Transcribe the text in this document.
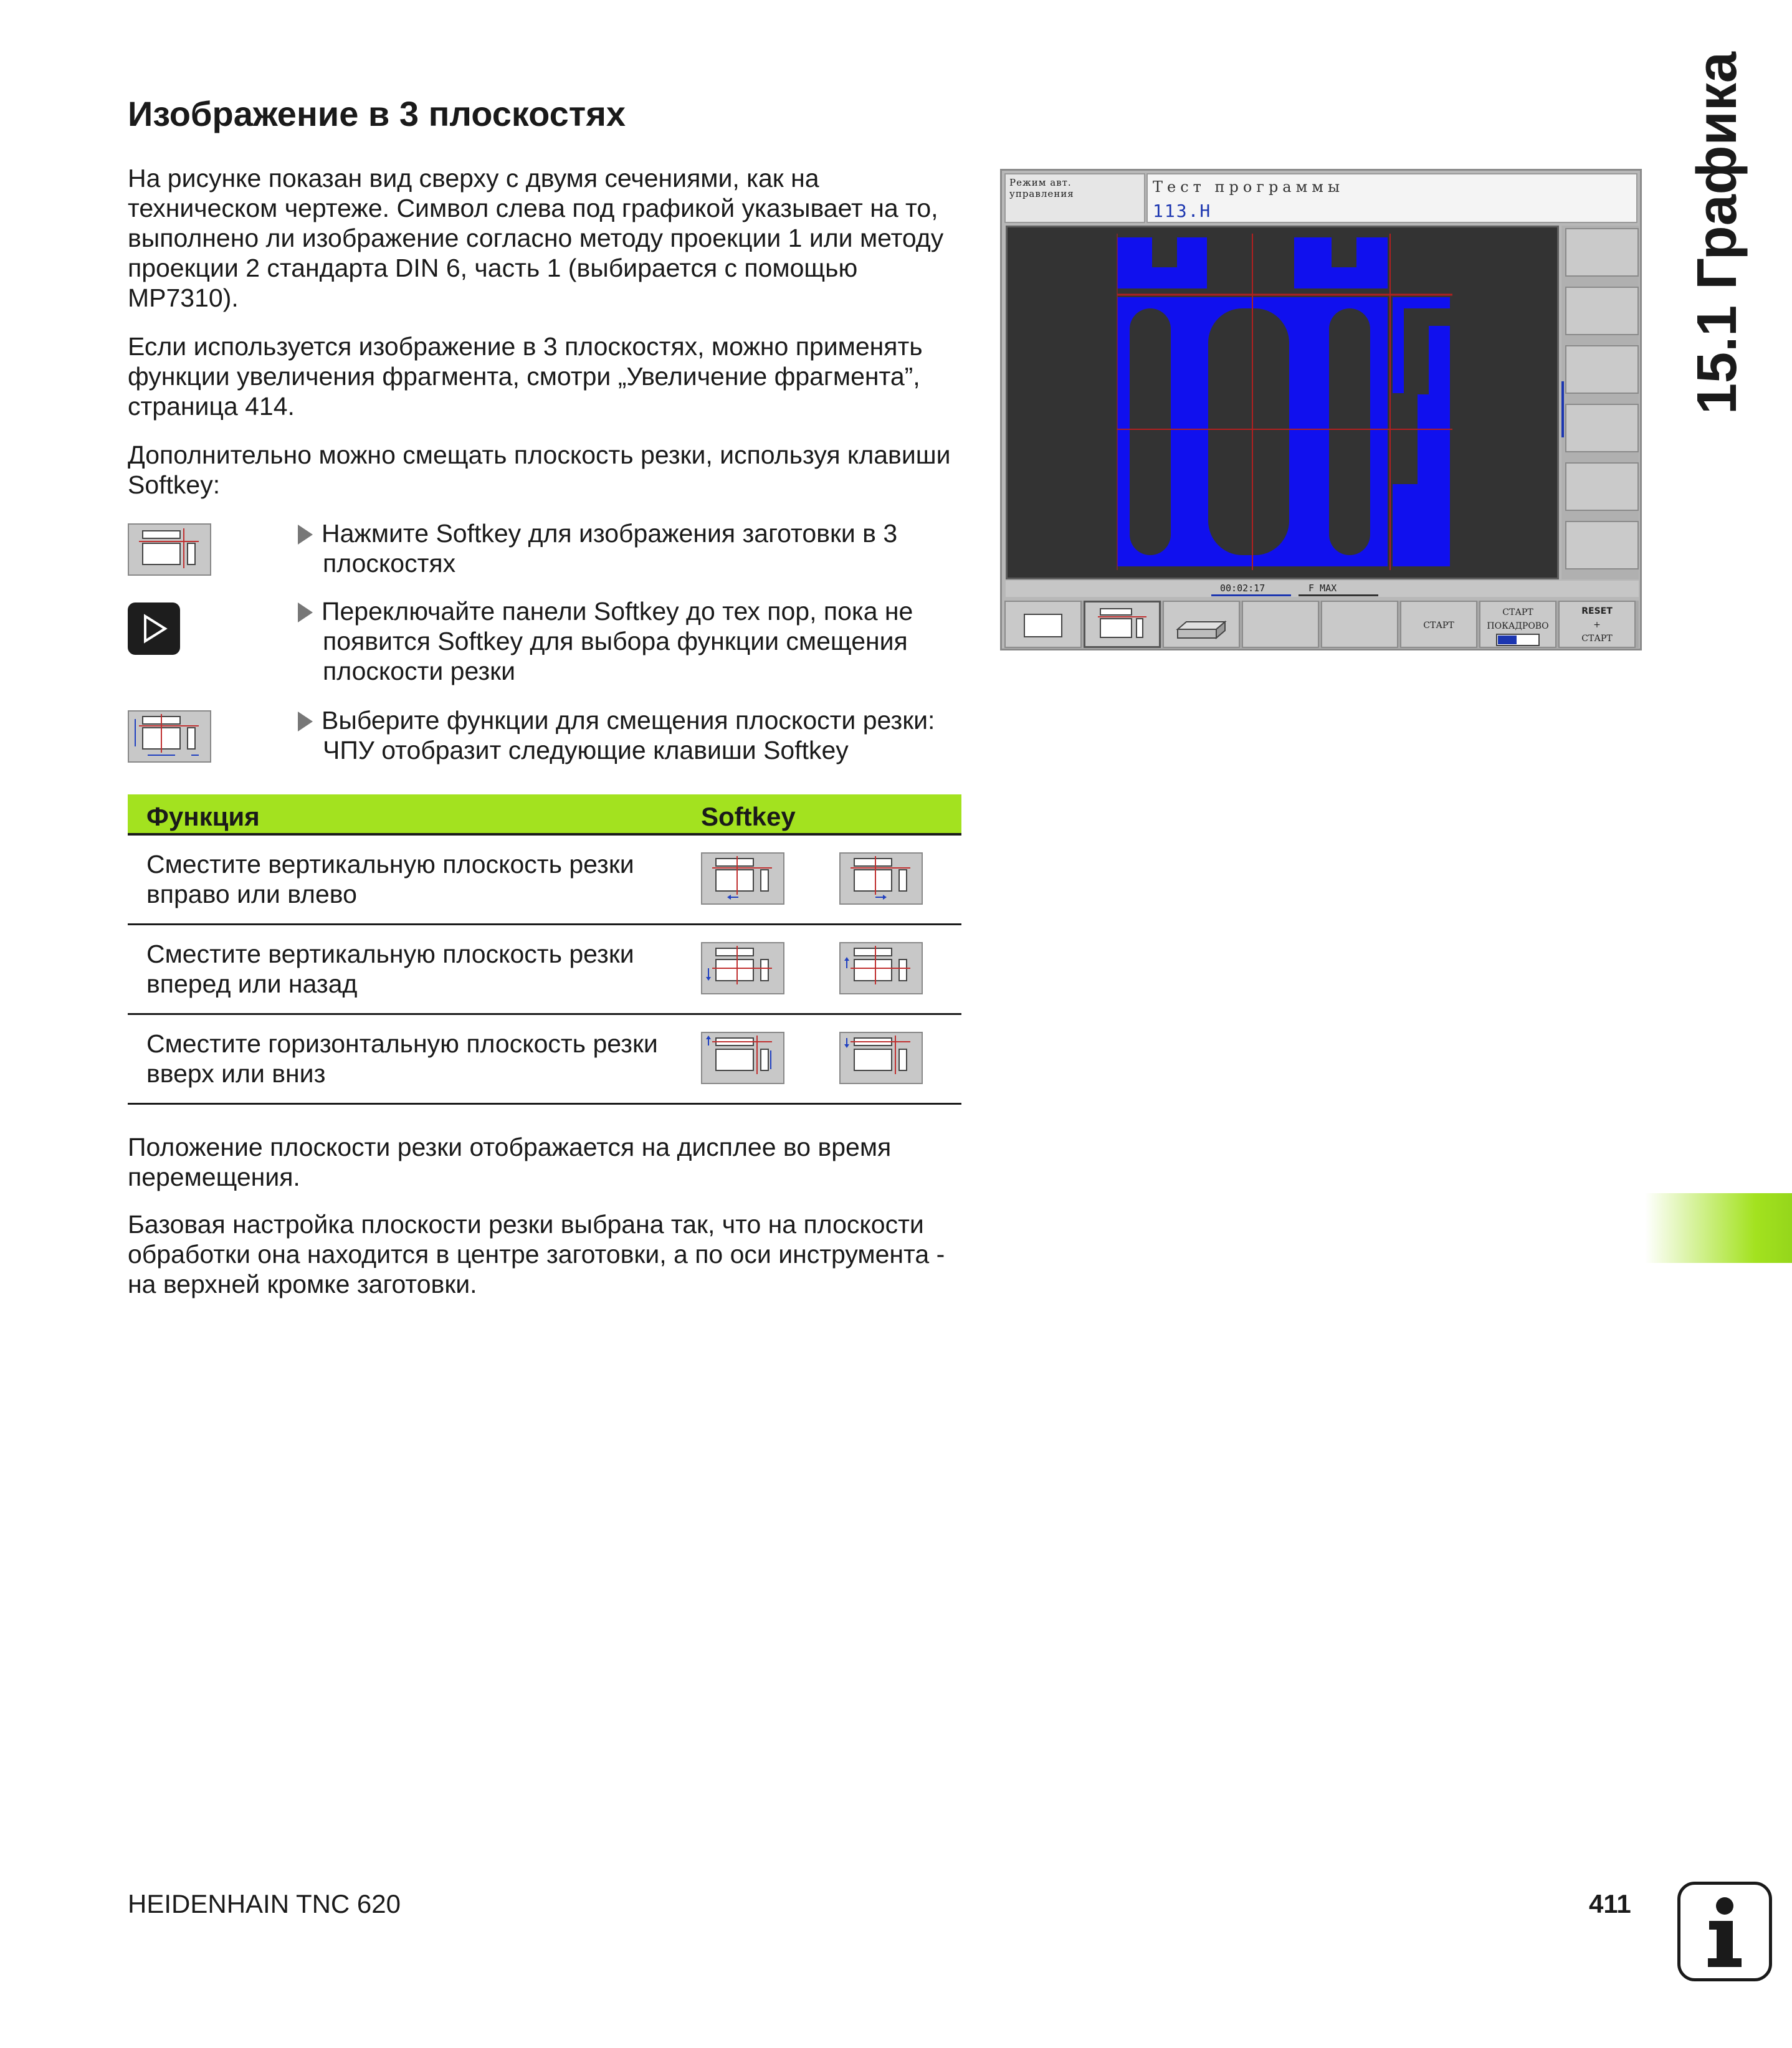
Изображение в 3 плоскостях
На рисунке показан вид сверху с двумя сечениями, как на техническом чертеже. Символ слева под графикой указывает на то, выполнено ли изображение согласно методу проекции 1 или методу проекции 2 стандарта DIN 6, часть 1 (выбирается с помощью MP7310).
Если используется изображение в 3 плоскостях, можно применять функции увеличения фрагмента, смотри „Увеличение фрагмента”, страница 414.
Дополнительно можно смещать плоскость резки, используя клавиши Softkey:
Нажмите Softkey для изображения заготовки в 3 плоскостях
Переключайте панели Softkey до тех пор, пока не появится Softkey для выбора функции смещения плоскости резки
Выберите функции для смещения плоскости резки: ЧПУ отобразит следующие клавиши Softkey
Функция	Softkey
Сместите вертикальную плоскость резки вправо или влево
Сместите вертикальную плоскость резки вперед или назад
Сместите горизонтальную плоскость резки вверх или вниз
Положение плоскости резки отображается на дисплее во время перемещения.
Базовая настройка плоскости резки выбрана так, что на плоскости обработки она находится в центре заготовки, а по оси инструмента - на верхней кромке заготовки.
Режим авт.
управления	Тест программы
113.H
00:02:17	F MAX
СТАРТ
СТАРТ
ПОКАДРОВО
RESET
+
СТАРТ
15.1 Графика
HEIDENHAIN TNC 620	411
